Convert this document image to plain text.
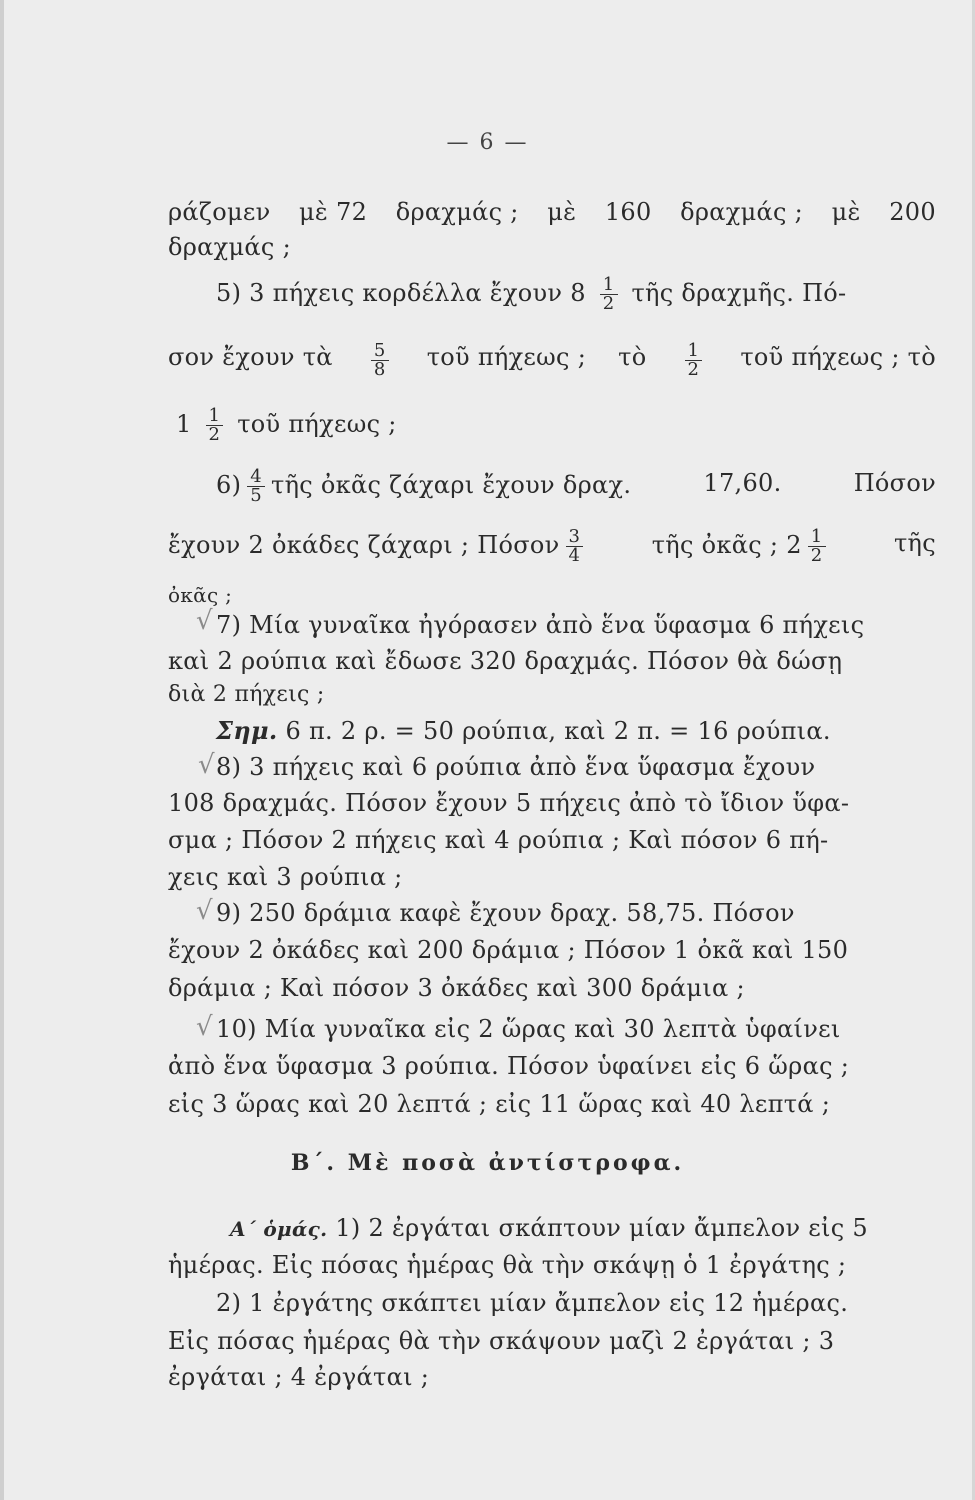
— 6 —
ράζομεν μὲ 72 δραχμάς ; μὲ 160 δραχμάς ; μὲ 200
δραχμάς ;
5) 3 πήχεις κορδέλλα ἔχουν $8 \frac{1}{2}$ τῆς δραχμῆς. Πό-
σον ἔχουν τὰ $\frac{5}{8}$ τοῦ πήχεως ; τὸ $\frac{1}{2}$ τοῦ πήχεως ; τὸ
$1 \frac{1}{2}$ τοῦ πήχεως ;
$6) \frac{4}{5}$ τῆς ὀκᾶς ζάχαρι ἔχουν δραχ.	17,60.	Πόσον
ἔχουν 2 ὀκάδες ζάχαρι ; Πόσον $\frac{3}{4}$	τῆς ὀκᾶς ; $2 \frac{1}{2}$	τῆς
ὀκᾶς ;
√ 7) Μία γυναῖκα ἠγόρασεν ἀπὸ ἕνα ὕφασμα 6 πήχεις
καὶ 2 ρούπια καὶ ἔδωσε 320 δραχμάς. Πόσον θὰ δώσῃ
διὰ 2 πήχεις ;
Σημ. 6 π. 2 ρ. = 50 ρούπια, καὶ 2 π. = 16 ρούπια.
√ 8) 3 πήχεις καὶ 6 ρούπια ἀπὸ ἕνα ὕφασμα ἔχουν
108 δραχμάς. Πόσον ἔχουν 5 πήχεις ἀπὸ τὸ ἴδιον ὕφα-
σμα ; Πόσον 2 πήχεις καὶ 4 ρούπια ; Καὶ πόσον 6 πή-
χεις καὶ 3 ρούπια ;
√ 9) 250 δράμια καφὲ ἔχουν δραχ. 58,75. Πόσον
ἔχουν 2 ὀκάδες καὶ 200 δράμια ; Πόσον 1 ὀκᾶ καὶ 150
δράμια ; Καὶ πόσον 3 ὀκάδες καὶ 300 δράμια ;
√ 10) Μία γυναῖκα εἰς 2 ὥρας καὶ 30 λεπτὰ ὑφαίνει
ἀπὸ ἕνα ὕφασμα 3 ρούπια. Πόσον ὑφαίνει εἰς 6 ὥρας ;
εἰς 3 ὥρας καὶ 20 λεπτά ; εἰς 11 ὥρας καὶ 40 λεπτά ;
Β΄. Μὲ ποσὰ ἀντίστροφα.
Α΄ ὁμάς. 1) 2 ἐργάται σκάπτουν μίαν ἄμπελον εἰς 5
ἡμέρας. Εἰς πόσας ἡμέρας θὰ τὴν σκάψῃ ὁ 1 ἐργάτης ;
2) 1 ἐργάτης σκάπτει μίαν ἄμπελον εἰς 12 ἡμέρας.
Εἰς πόσας ἡμέρας θὰ τὴν σκάψουν μαζὶ 2 ἐργάται ; 3
ἐργάται ; 4 ἐργάται ;
